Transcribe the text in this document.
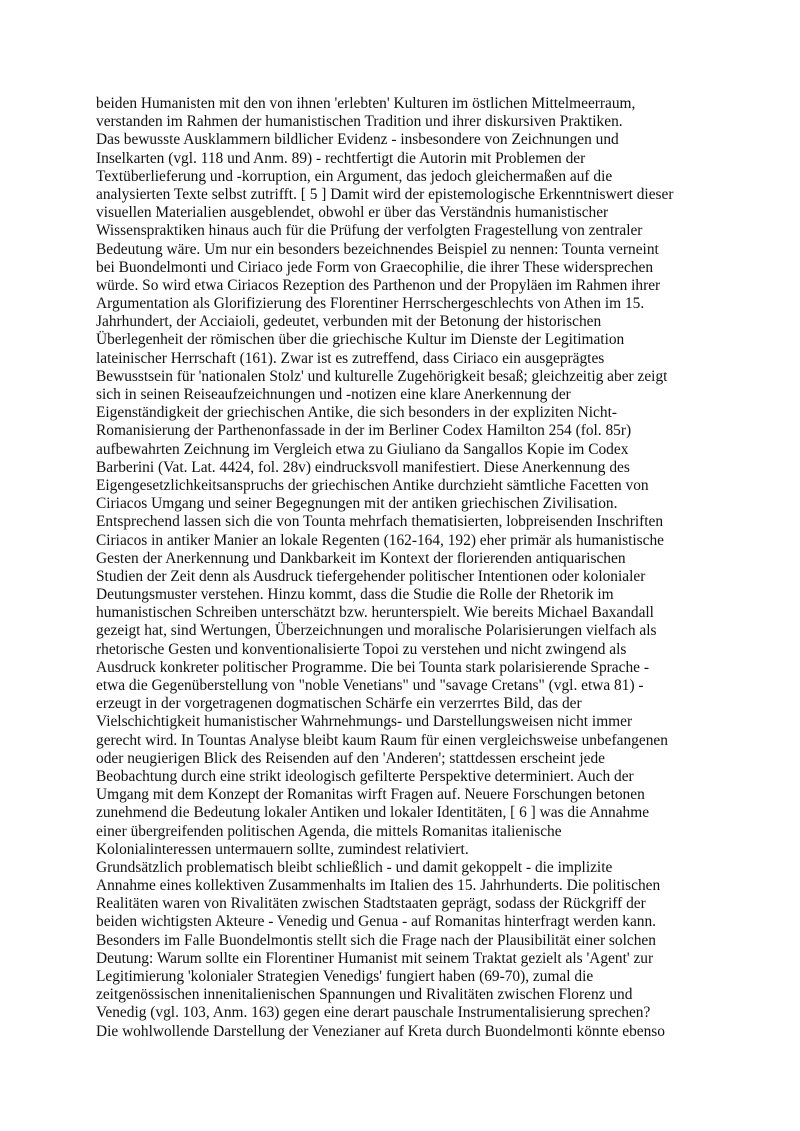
beiden Humanisten mit den von ihnen 'erlebten' Kulturen im östlichen Mittelmeerraum,
verstanden im Rahmen der humanistischen Tradition und ihrer diskursiven Praktiken.
Das bewusste Ausklammern bildlicher Evidenz - insbesondere von Zeichnungen und
Inselkarten (vgl. 118 und Anm. 89) - rechtfertigt die Autorin mit Problemen der
Textüberlieferung und -korruption, ein Argument, das jedoch gleichermaßen auf die
analysierten Texte selbst zutrifft. [ 5 ] Damit wird der epistemologische Erkenntniswert dieser
visuellen Materialien ausgeblendet, obwohl er über das Verständnis humanistischer
Wissenspraktiken hinaus auch für die Prüfung der verfolgten Fragestellung von zentraler
Bedeutung wäre. Um nur ein besonders bezeichnendes Beispiel zu nennen: Tounta verneint
bei Buondelmonti und Ciriaco jede Form von Graecophilie, die ihrer These widersprechen
würde. So wird etwa Ciriacos Rezeption des Parthenon und der Propyläen im Rahmen ihrer
Argumentation als Glorifizierung des Florentiner Herrschergeschlechts von Athen im 15.
Jahrhundert, der Acciaioli, gedeutet, verbunden mit der Betonung der historischen
Überlegenheit der römischen über die griechische Kultur im Dienste der Legitimation
lateinischer Herrschaft (161). Zwar ist es zutreffend, dass Ciriaco ein ausgeprägtes
Bewusstsein für 'nationalen Stolz' und kulturelle Zugehörigkeit besaß; gleichzeitig aber zeigt
sich in seinen Reiseaufzeichnungen und -notizen eine klare Anerkennung der
Eigenständigkeit der griechischen Antike, die sich besonders in der expliziten Nicht-
Romanisierung der Parthenonfassade in der im Berliner Codex Hamilton 254 (fol. 85r)
aufbewahrten Zeichnung im Vergleich etwa zu Giuliano da Sangallos Kopie im Codex
Barberini (Vat. Lat. 4424, fol. 28v) eindrucksvoll manifestiert. Diese Anerkennung des
Eigengesetzlichkeitsanspruchs der griechischen Antike durchzieht sämtliche Facetten von
Ciriacos Umgang und seiner Begegnungen mit der antiken griechischen Zivilisation.
Entsprechend lassen sich die von Tounta mehrfach thematisierten, lobpreisenden Inschriften
Ciriacos in antiker Manier an lokale Regenten (162-164, 192) eher primär als humanistische
Gesten der Anerkennung und Dankbarkeit im Kontext der florierenden antiquarischen
Studien der Zeit denn als Ausdruck tiefergehender politischer Intentionen oder kolonialer
Deutungsmuster verstehen. Hinzu kommt, dass die Studie die Rolle der Rhetorik im
humanistischen Schreiben unterschätzt bzw. herunterspielt. Wie bereits Michael Baxandall
gezeigt hat, sind Wertungen, Überzeichnungen und moralische Polarisierungen vielfach als
rhetorische Gesten und konventionalisierte Topoi zu verstehen und nicht zwingend als
Ausdruck konkreter politischer Programme. Die bei Tounta stark polarisierende Sprache -
etwa die Gegenüberstellung von "noble Venetians" und "savage Cretans" (vgl. etwa 81) -
erzeugt in der vorgetragenen dogmatischen Schärfe ein verzerrtes Bild, das der
Vielschichtigkeit humanistischer Wahrnehmungs- und Darstellungsweisen nicht immer
gerecht wird. In Tountas Analyse bleibt kaum Raum für einen vergleichsweise unbefangenen
oder neugierigen Blick des Reisenden auf den 'Anderen'; stattdessen erscheint jede
Beobachtung durch eine strikt ideologisch gefilterte Perspektive determiniert. Auch der
Umgang mit dem Konzept der Romanitas wirft Fragen auf. Neuere Forschungen betonen
zunehmend die Bedeutung lokaler Antiken und lokaler Identitäten, [ 6 ] was die Annahme
einer übergreifenden politischen Agenda, die mittels Romanitas italienische
Kolonialinteressen untermauern sollte, zumindest relativiert.
Grundsätzlich problematisch bleibt schließlich - und damit gekoppelt - die implizite
Annahme eines kollektiven Zusammenhalts im Italien des 15. Jahrhunderts. Die politischen
Realitäten waren von Rivalitäten zwischen Stadtstaaten geprägt, sodass der Rückgriff der
beiden wichtigsten Akteure - Venedig und Genua - auf Romanitas hinterfragt werden kann.
Besonders im Falle Buondelmontis stellt sich die Frage nach der Plausibilität einer solchen
Deutung: Warum sollte ein Florentiner Humanist mit seinem Traktat gezielt als 'Agent' zur
Legitimierung 'kolonialer Strategien Venedigs' fungiert haben (69-70), zumal die
zeitgenössischen innenitalienischen Spannungen und Rivalitäten zwischen Florenz und
Venedig (vgl. 103, Anm. 163) gegen eine derart pauschale Instrumentalisierung sprechen?
Die wohlwollende Darstellung der Venezianer auf Kreta durch Buondelmonti könnte ebenso
